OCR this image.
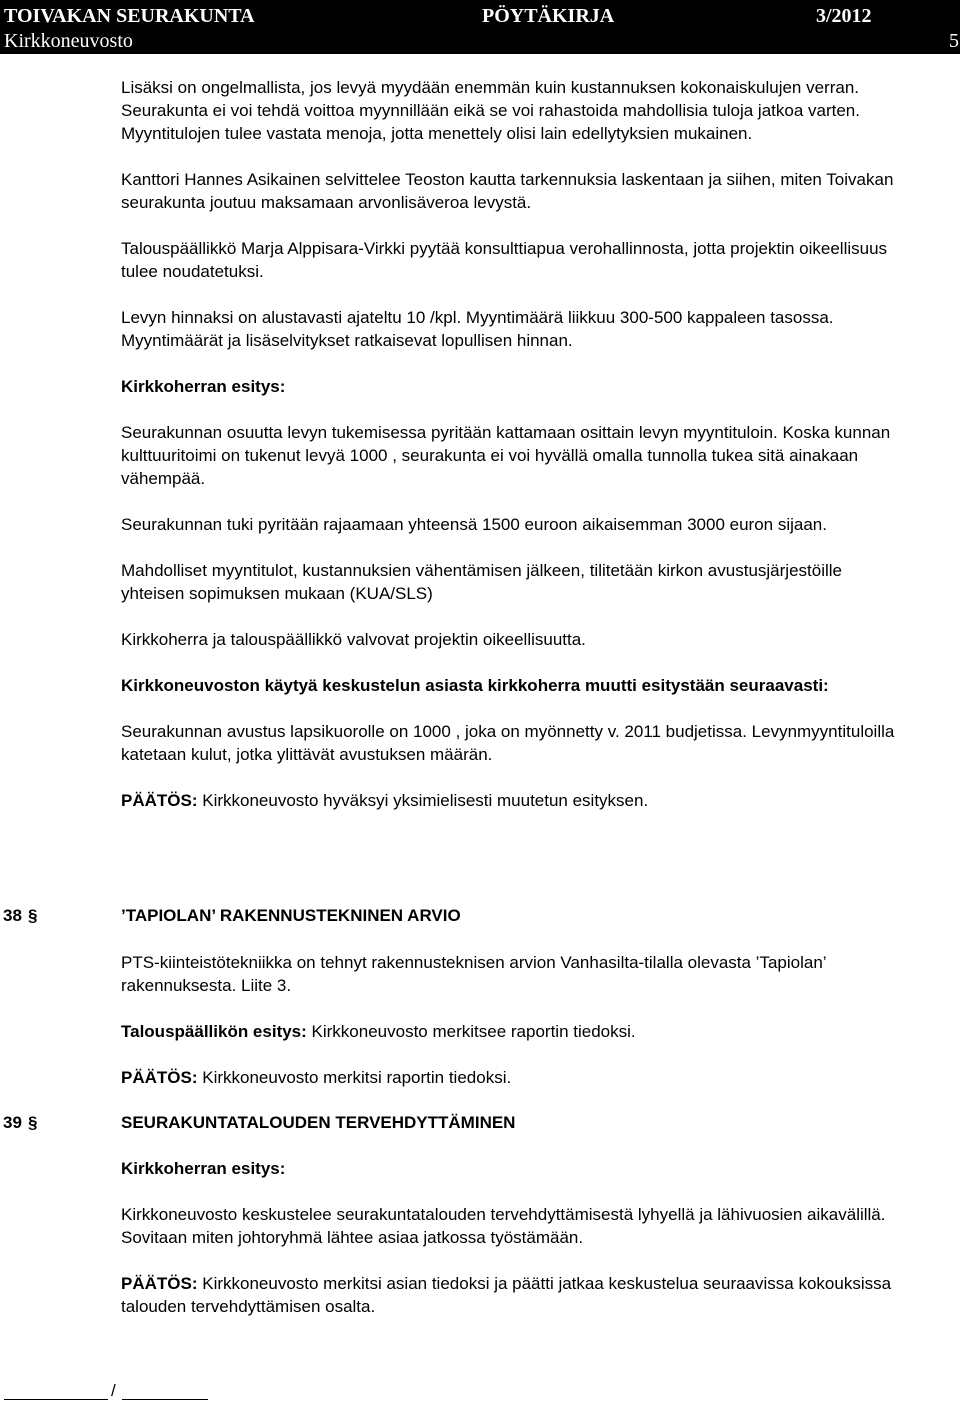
TOIVAKAN SEURAKUNTA	PÖYTÄKIRJA	3/2012
Kirkkoneuvosto	5

Lisäksi on ongelmallista, jos levyä myydään enemmän kuin kustannuksen kokonaiskulujen verran. Seurakunta ei voi tehdä voittoa myynnillään eikä se voi rahastoida mahdollisia tuloja jatkoa varten. Myyntitulojen tulee vastata menoja, jotta menettely olisi lain edellytyksien mukainen.

Kanttori Hannes Asikainen selvittelee Teoston kautta tarkennuksia laskentaan ja siihen, miten Toivakan seurakunta joutuu maksamaan arvonlisäveroa levystä.

Talouspäällikkö Marja Alppisara-Virkki pyytää konsulttiapua verohallinnosta, jotta projektin oikeellisuus tulee noudatetuksi.

Levyn hinnaksi on alustavasti ajateltu 10 /kpl. Myyntimäärä liikkuu 300-500 kappaleen tasossa. Myyntimäärät ja lisäselvitykset ratkaisevat lopullisen hinnan.

Kirkkoherran esitys:

Seurakunnan osuutta levyn tukemisessa pyritään kattamaan osittain levyn myyntituloin. Koska kunnan kulttuuritoimi on tukenut levyä 1000 , seurakunta ei voi hyvällä omalla tunnolla tukea sitä ainakaan vähempää.

Seurakunnan tuki pyritään rajaamaan yhteensä 1500 euroon aikaisemman 3000 euron sijaan.

Mahdolliset myyntitulot, kustannuksien vähentämisen jälkeen, tilitetään kirkon avustusjärjestöille yhteisen sopimuksen mukaan (KUA/SLS)

Kirkkoherra ja talouspäällikkö valvovat projektin oikeellisuutta.

Kirkkoneuvoston käytyä keskustelun asiasta kirkkoherra muutti esitystään seuraavasti:

Seurakunnan avustus lapsikuorolle on 1000 , joka on myönnetty v. 2011 budjetissa. Levynmyyntituloilla katetaan kulut, jotka ylittävät avustuksen määrän.

PÄÄTÖS: Kirkkoneuvosto hyväksyi yksimielisesti muutetun esityksen.

38 §	’TAPIOLAN’ RAKENNUSTEKNINEN ARVIO

PTS-kiinteistötekniikka on tehnyt rakennusteknisen arvion Vanhasilta-tilalla olevasta ’Tapiolan’ rakennuksesta. Liite 3.

Talouspäällikön esitys: Kirkkoneuvosto merkitsee raportin tiedoksi.

PÄÄTÖS: Kirkkoneuvosto merkitsi raportin tiedoksi.

39 §	SEURAKUNTATALOUDEN TERVEHDYTTÄMINEN

Kirkkoherran esitys:

Kirkkoneuvosto keskustelee seurakuntatalouden tervehdyttämisestä lyhyellä ja lähivuosien aikavälillä. Sovitaan miten johtoryhmä lähtee asiaa jatkossa työstämään.

PÄÄTÖS: Kirkkoneuvosto merkitsi asian tiedoksi ja päätti jatkaa keskustelua seuraavissa kokouksissa talouden tervehdyttämisen osalta.

/
